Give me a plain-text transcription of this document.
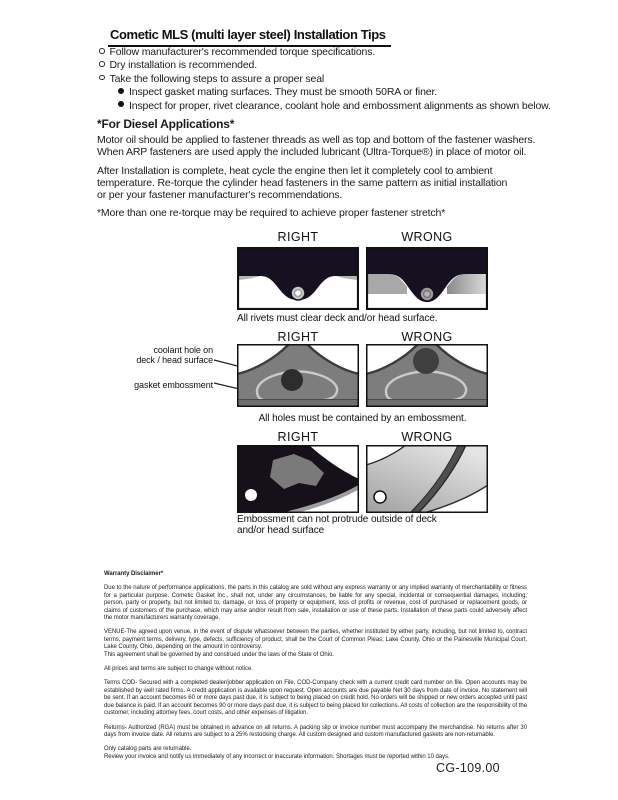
Cometic MLS (multi layer steel) Installation Tips
Follow manufacturer's recommended torque specifications.
Dry installation is recommended.
Take the following steps to assure a proper seal
Inspect gasket mating surfaces. They must be smooth 50RA or finer.
Inspect for proper, rivet clearance, coolant hole and embossment alignments as shown below.
*For Diesel Applications*
Motor oil should be applied to fastener threads as well as top and bottom of the fastener washers.
When ARP fasteners are used apply the included lubricant (Ultra-Torque®) in place of motor oil.
After Installation is complete, heat cycle the engine then let it completely cool to ambient
temperature. Re-torque the cylinder head fasteners in the same pattern as initial installation
or per your fastener manufacturer's recommendations.
*More than one re-torque may be required to achieve proper fastener stretch*
RIGHT	WRONG
All rivets must clear deck and/or head surface.
coolant hole on
deck / head surface
gasket embossment
RIGHT	WRONG
All holes must be contained by an embossment.
RIGHT	WRONG
Embossment can not protrude outside of deck
and/or head surface
Warranty Disclaimer*

Due to the nature of performance applications, the parts in this catalog are sold without any express warranty or any implied warranty of merchantability or fitness for a particular purpose. Cometic Gasket Inc., shall not, under any circumstances, be liable for any special, incidental or consequential damages, including, person, party or property, but not limited to, damage, or loss of property or equipment, loss of profits or revenue, cost of purchased or replacement goods, or claims of customers of the purchase, which may arise and/or result from sale, installation or use of these parts. Installation of these parts could adversely affect the motor manufacturers warranty coverage.

VENUE-The agreed upon venue, in the event of dispute whatsoever between the parties, whether instituted by either party, including, but not limited to, contract terms, payment terms, delivery, type, defects, sufficiency of product, shall be the Court of Common Pleas, Lake County, Ohio or the Painesville Municipal Court, Lake County, Ohio, depending on the amount in controversy.

This agreement shall be governed by and construed under the laws of the State of Ohio.

All prices and terms are subject to change without notice.

Terms COD- Secured with a completed dealer/jobber application on File, COD-Company check with a current credit card number on file. Open accounts may be established by well rated firms. A credit application is available upon request. Open accounts are due payable Net 30 days from date of invoice. No statement will be sent. If an account becomes 60 or more days past due, it is subject to being placed on credit hold. No orders will be shipped or new orders accepted until past due balance is paid. If an account becomes 90 or more days past due, it is subject to being placed for collections. All costs of collection are the responsibility of the customer, including attorney fees, court costs, and other expenses of litigation.

Returns- Authorized (RGA) must be obtained in advance on all returns. A packing slip or invoice number must accompany the merchandise. No returns after 30 days from invoice date. All returns are subject to a 25% restocking charge. All custom designed and custom manufactured gaskets are non-returnable.

Only catalog parts are returnable.

Review your invoice and notify us immediately of any incorrect or inaccurate information. Shortages must be reported within 10 days.

CG-109.00
